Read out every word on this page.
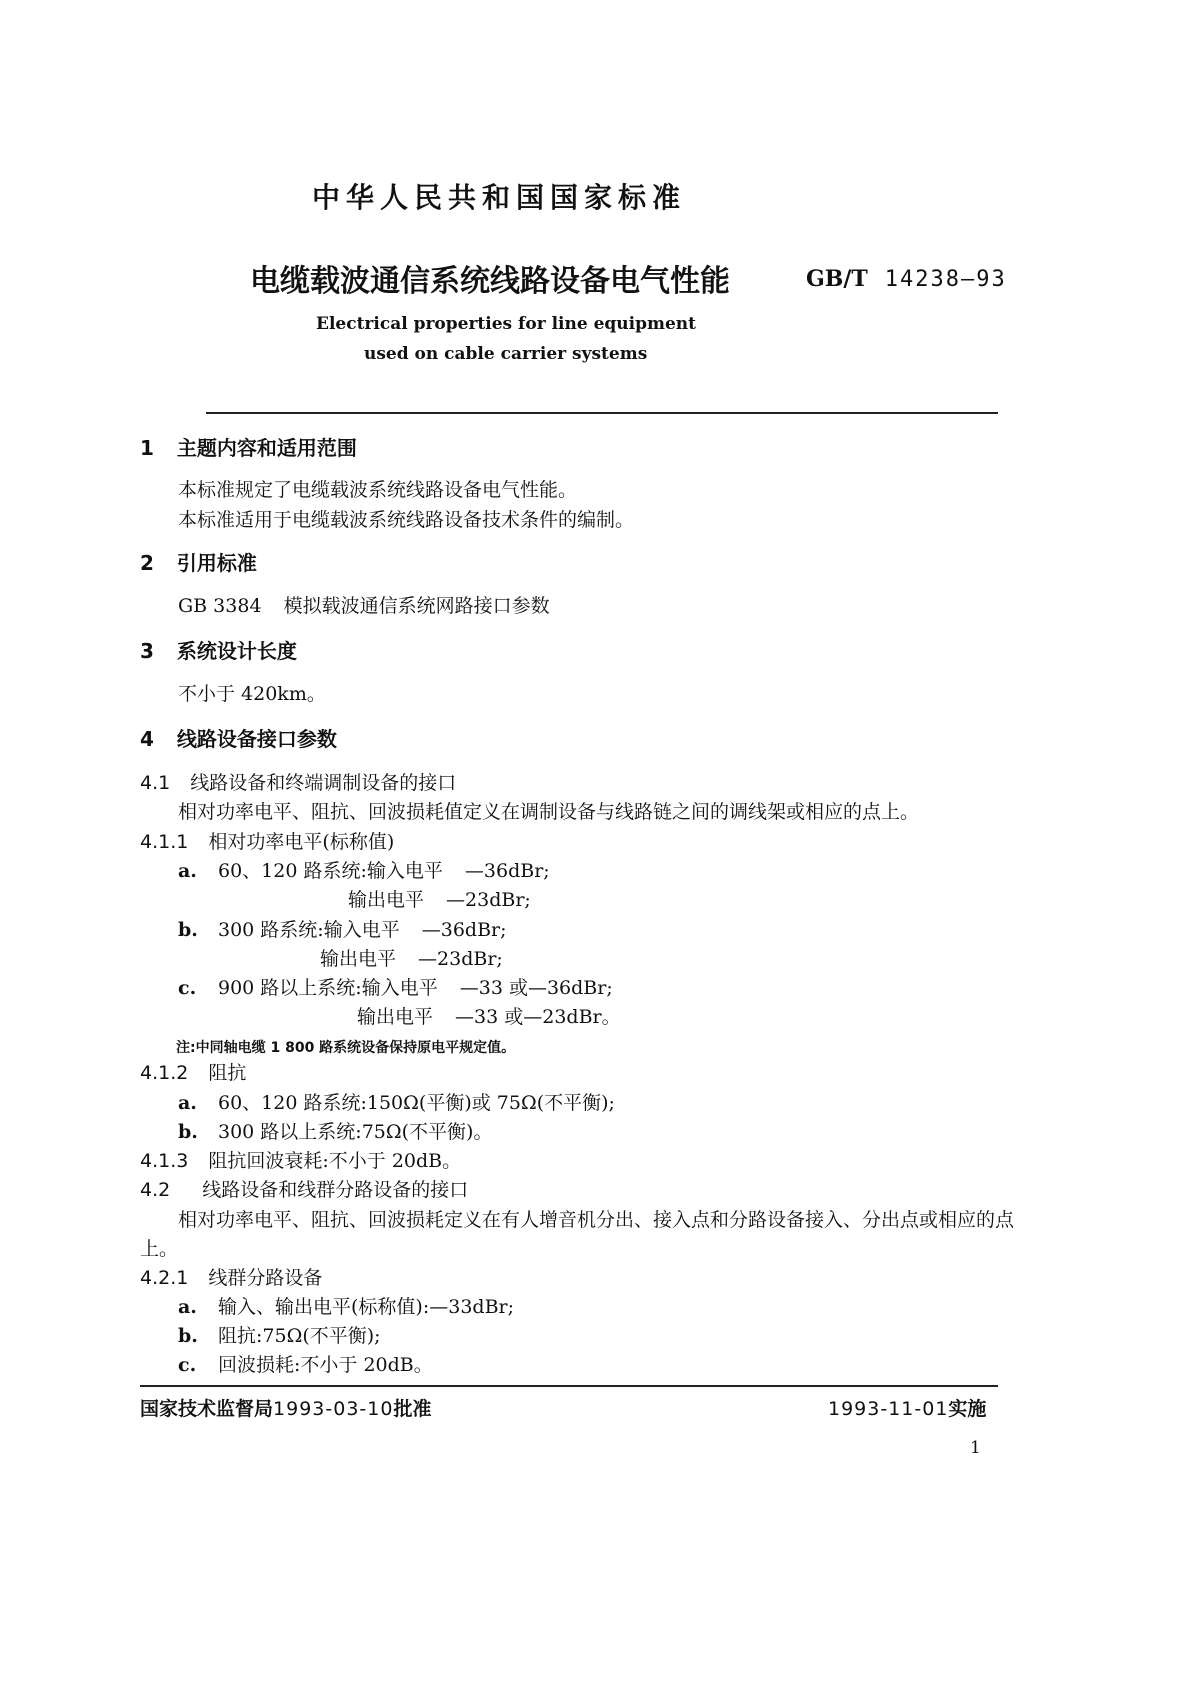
中华人民共和国国家标准
电缆载波通信系统线路设备电气性能	GB/T 14238—93
Electrical properties for line equipment
used on cable carrier systems
1 主题内容和适用范围
本标准规定了电缆载波系统线路设备电气性能。
本标准适用于电缆载波系统线路设备技术条件的编制。
2 引用标准
GB 3384 模拟载波通信系统网路接口参数
3 系统设计长度
不小于 420km。
4 线路设备接口参数
4.1 线路设备和终端调制设备的接口
相对功率电平、阻抗、回波损耗值定义在调制设备与线路链之间的调线架或相应的点上。
4.1.1 相对功率电平(标称值)
a. 60、120 路系统:输入电平 —36dBr;
输出电平 —23dBr;
b. 300 路系统:输入电平 —36dBr;
输出电平 —23dBr;
c. 900 路以上系统:输入电平 —33 或—36dBr;
输出电平 —33 或—23dBr。
注:中同轴电缆 1 800 路系统设备保持原电平规定值。
4.1.2 阻抗
a. 60、120 路系统:150Ω(平衡)或 75Ω(不平衡);
b. 300 路以上系统:75Ω(不平衡)。
4.1.3 阻抗回波衰耗:不小于 20dB。
4.2 线路设备和线群分路设备的接口
相对功率电平、阻抗、回波损耗定义在有人增音机分出、接入点和分路设备接入、分出点或相应的点
上。
4.2.1 线群分路设备
a. 输入、输出电平(标称值):—33dBr;
b. 阻抗:75Ω(不平衡);
c. 回波损耗:不小于 20dB。
国家技术监督局1993-03-10批准	1993-11-01实施
1
